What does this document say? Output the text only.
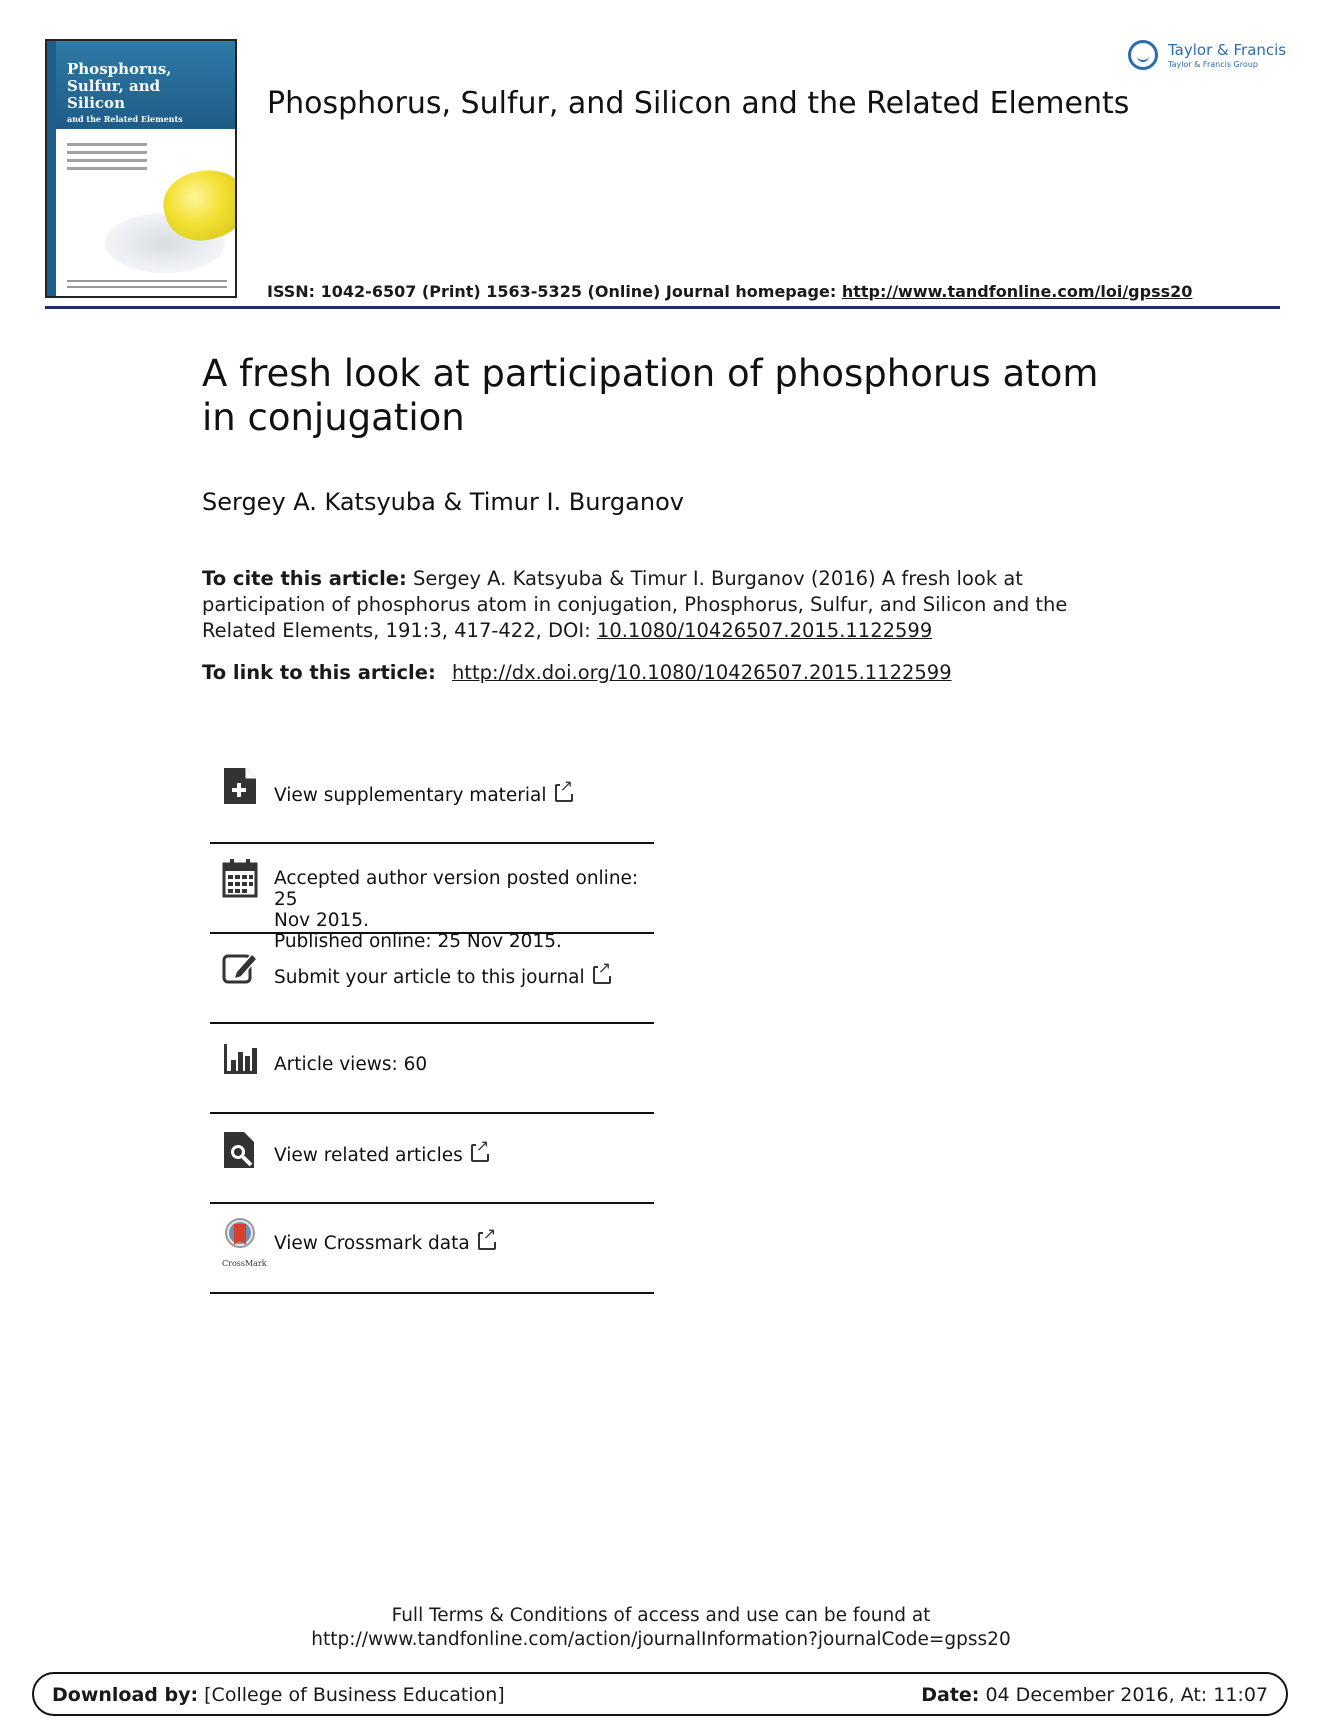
Phosphorus,
Sulfur, and
Silicon
and the Related Elements
Taylor & Francis
Taylor & Francis Group
Phosphorus, Sulfur, and Silicon and the Related Elements
ISSN: 1042-6507 (Print) 1563-5325 (Online) Journal homepage: http://www.tandfonline.com/loi/gpss20
A fresh look at participation of phosphorus atom in conjugation
Sergey A. Katsyuba & Timur I. Burganov
To cite this article: Sergey A. Katsyuba & Timur I. Burganov (2016) A fresh look at participation of phosphorus atom in conjugation, Phosphorus, Sulfur, and Silicon and the Related Elements, 191:3, 417-422, DOI: 10.1080/10426507.2015.1122599
To link to this article: http://dx.doi.org/10.1080/10426507.2015.1122599
View supplementary material↗
Accepted author version posted online: 25
Nov 2015.
Published online: 25 Nov 2015.
Submit your article to this journal↗
Article views: 60
View related articles↗
CrossMark
View Crossmark data↗
Full Terms & Conditions of access and use can be found at
http://www.tandfonline.com/action/journalInformation?journalCode=gpss20
Download by: [College of Business Education]	Date: 04 December 2016, At: 11:07
